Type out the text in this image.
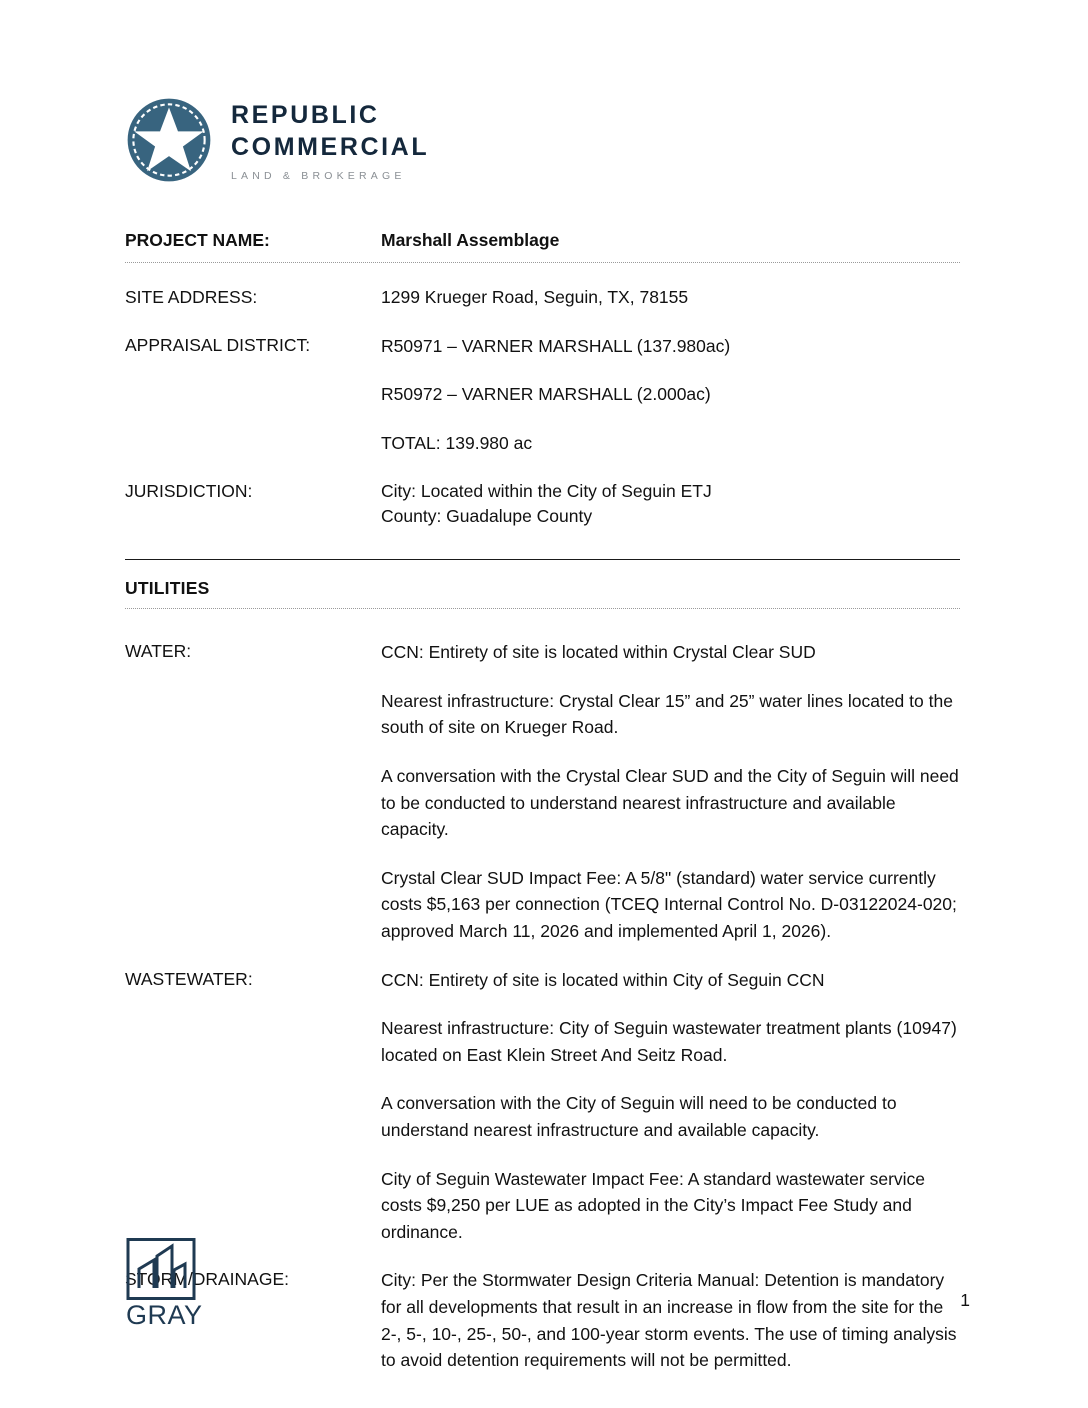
REPUBLIC
COMMERCIAL
LAND & BROKERAGE
PROJECT NAME:	Marshall Assemblage
SITE ADDRESS:	1299 Krueger Road, Seguin, TX, 78155
APPRAISAL DISTRICT:	R50971 – VARNER MARSHALL (137.980ac)

R50972 – VARNER MARSHALL (2.000ac)

TOTAL: 139.980 ac

JURISDICTION:	City: Located within the City of Seguin ETJ
County: Guadalupe County
UTILITIES
WATER:	CCN: Entirety of site is located within Crystal Clear SUD

Nearest infrastructure: Crystal Clear 15” and 25” water lines located to the south of site on Krueger Road.

A conversation with the Crystal Clear SUD and the City of Seguin will need to be conducted to understand nearest infrastructure and available capacity.

Crystal Clear SUD Impact Fee: A 5/8" (standard) water service currently costs $5,163 per connection (TCEQ Internal Control No. D-03122024-020; approved March 11, 2026 and implemented April 1, 2026).

WASTEWATER:	CCN: Entirety of site is located within City of Seguin CCN

Nearest infrastructure: City of Seguin wastewater treatment plants (10947) located on East Klein Street And Seitz Road.

A conversation with the City of Seguin will need to be conducted to understand nearest infrastructure and available capacity.

City of Seguin Wastewater Impact Fee: A standard wastewater service costs $9,250 per LUE as adopted in the City’s Impact Fee Study and ordinance.

STORM/DRAINAGE:	City: Per the Stormwater Design Criteria Manual: Detention is mandatory for all developments that result in an increase in flow from the site for the 2-, 5-, 10-, 25-, 50-, and 100-year storm events. The use of timing analysis to avoid detention requirements will not be permitted.

GRAY	1
